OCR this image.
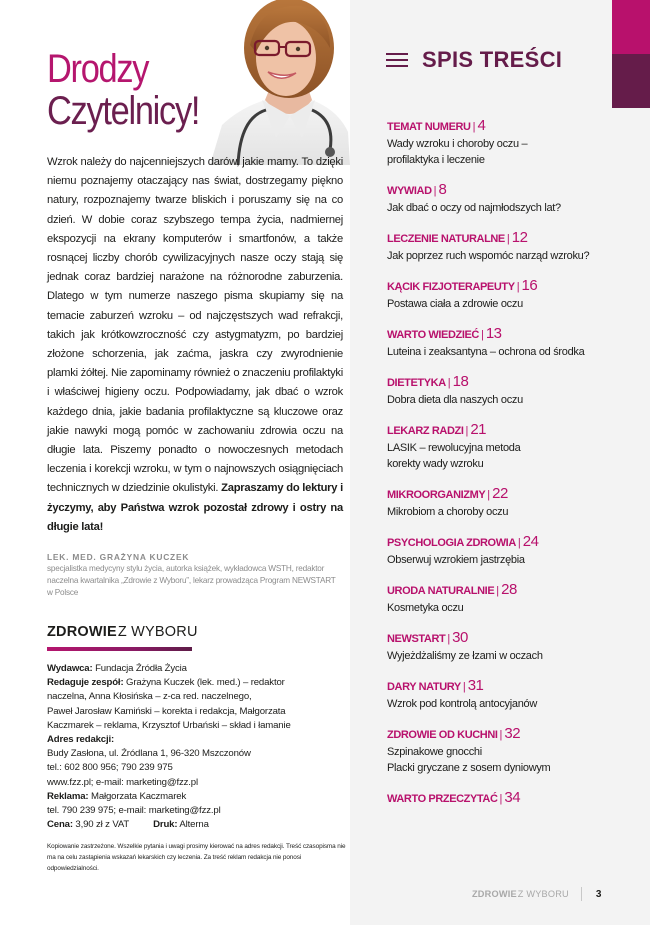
Drodzy
Czytelnicy!

Wzrok należy do najcenniejszych darów, jakie mamy. To dzięki niemu poznajemy otaczający nas świat, dostrzegamy piękno natury, rozpoznajemy twarze bliskich i poruszamy się na co dzień. W dobie coraz szybszego tempa życia, nadmiernej ekspozycji na ekrany komputerów i smartfonów, a także rosnącej liczby chorób cywilizacyjnych nasze oczy stają się jednak coraz bardziej narażone na różnorodne zaburzenia. Dlatego w tym numerze naszego pisma skupiamy się na temacie zaburzeń wzroku – od najczęstszych wad refrakcji, takich jak krótkowzroczność czy astygmatyzm, po bardziej złożone schorzenia, jak zaćma, jaskra czy zwyrodnienie plamki żółtej. Nie zapominamy również o znaczeniu profilaktyki i właściwej higieny oczu. Podpowiadamy, jak dbać o wzrok każdego dnia, jakie badania profilaktyczne są kluczowe oraz jakie nawyki mogą pomóc w zachowaniu zdrowia oczu na długie lata. Piszemy ponadto o nowoczesnych metodach leczenia i korekcji wzroku, w tym o najnowszych osiągnięciach technicznych w dziedzinie okulistyki. Zapraszamy do lektury i życzymy, aby Państwa wzrok pozostał zdrowy i ostry na długie lata!

LEK. MED. GRAŻYNA KUCZEK
specjalistka medycyny stylu życia, autorka książek, wykładowca WSTH, redaktor naczelna kwartalnika „Zdrowie z Wyboru”, lekarz prowadząca Program NEWSTART w Polsce
ZDROWIEZ WYBORU
Wydawca: Fundacja Źródła Życia
Redaguje zespół: Grażyna Kuczek (lek. med.) – redaktor
naczelna, Anna Kłosińska – z-ca red. naczelnego,
Paweł Jarosław Kamiński – korekta i redakcja, Małgorzata
Kaczmarek – reklama, Krzysztof Urbański – skład i łamanie
Adres redakcji:
Budy Zasłona, ul. Źródlana 1, 96-320 Mszczonów
tel.: 602 800 956; 790 239 975
www.fzz.pl; e-mail: marketing@fzz.pl
Reklama: Małgorzata Kaczmarek
tel. 790 239 975; e-mail: marketing@fzz.pl
Cena: 3,90 zł z VAT	Druk: Alterna

Kopiowanie zastrzeżone. Wszelkie pytania i uwagi prosimy kierować na adres redakcji. Treść czasopisma nie ma na celu zastąpienia wskazań lekarskich czy leczenia. Za treść reklam redakcja nie ponosi odpowiedzialności.

SPIS TREŚCI
TEMAT NUMERU | 4
Wady wzroku i choroby oczu –
profilaktyka i leczenie
WYWIAD | 8
Jak dbać o oczy od najmłodszych lat?
LECZENIE NATURALNE | 12
Jak poprzez ruch wspomóc narząd wzroku?
KĄCIK FIZJOTERAPEUTY | 16
Postawa ciała a zdrowie oczu
WARTO WIEDZIEĆ | 13
Luteina i zeaksantyna – ochrona od środka
DIETETYKA | 18
Dobra dieta dla naszych oczu
LEKARZ RADZI | 21
LASIK – rewolucyjna metoda
korekty wady wzroku
MIKROORGANIZMY | 22
Mikrobiom a choroby oczu
PSYCHOLOGIA ZDROWIA | 24
Obserwuj wzrokiem jastrzębia
URODA NATURALNIE | 28
Kosmetyka oczu
NEWSTART | 30
Wyjeżdżaliśmy ze łzami w oczach
DARY NATURY | 31
Wzrok pod kontrolą antocyjanów
ZDROWIE OD KUCHNI | 32
Szpinakowe gnocchi
Placki gryczane z sosem dyniowym
WARTO PRZECZYTAĆ | 34
ZDROWIEZ WYBORU	3
